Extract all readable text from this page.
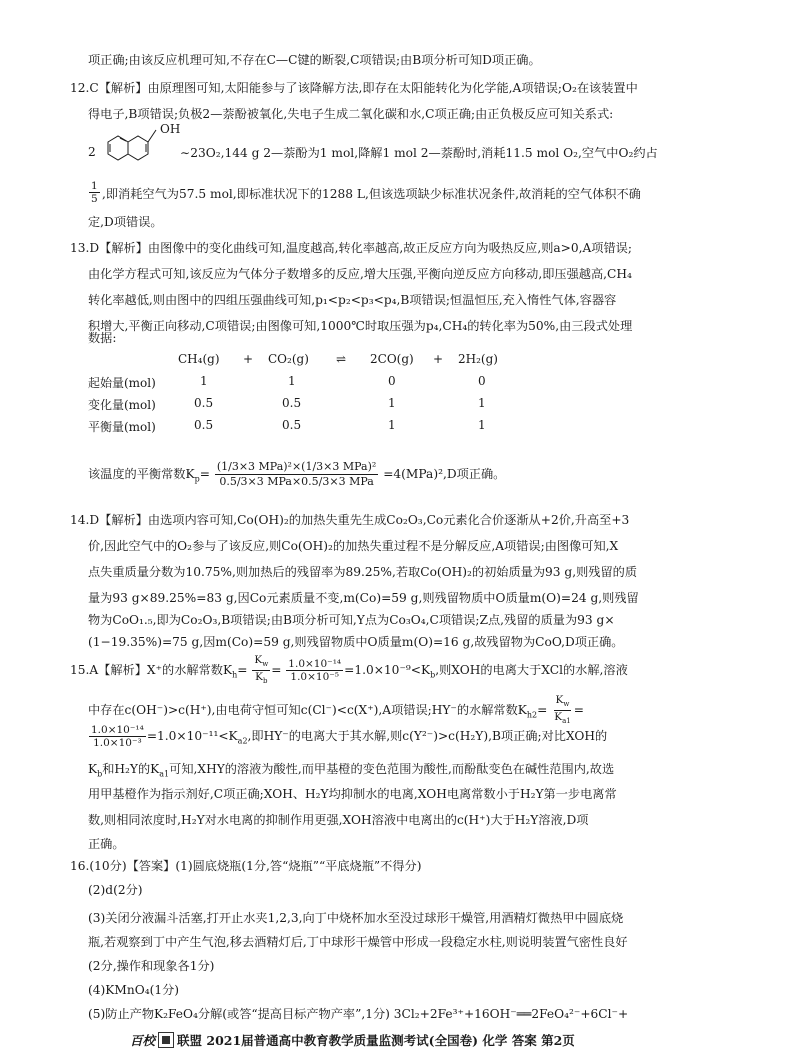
项正确;由该反应机理可知,不存在C—C键的断裂,C项错误;由B项分析可知D项正确。
12.C【解析】由原理图可知,太阳能参与了该降解方法,即存在太阳能转化为化学能,A项错误;O₂在该装置中
得电子,B项错误;负极2—萘酚被氧化,失电子生成二氧化碳和水,C项正确;由正负极反应可知关系式:
2
OH
∼23O₂,144 g 2—萘酚为1 mol,降解1 mol 2—萘酚时,消耗11.5 mol O₂,空气中O₂约占
$\frac{1}{5}$ ,即消耗空气为57.5 mol,即标准状况下的1288 L,但该选项缺少标准状况条件,故消耗的空气体积不确
定,D项错误。
13.D【解析】由图像中的变化曲线可知,温度越高,转化率越高,故正反应方向为吸热反应,则a>0,A项错误;
由化学方程式可知,该反应为气体分子数增多的反应,增大压强,平衡向逆反应方向移动,即压强越高,CH₄
转化率越低,则由图中的四组压强曲线可知,p₁<p₂<p₃<p₄,B项错误;恒温恒压,充入惰性气体,容器容
积增大,平衡正向移动,C项错误;由图像可知,1000℃时取压强为p₄,CH₄的转化率为50%,由三段式处理
数据:
CH₄(g) + CO₂(g) ⇌ 2CO(g) + 2H₂(g)
起始量(mol)	1	1	0	0
变化量(mol)	0.5	0.5	1	1
平衡量(mol)	0.5	0.5	1	1
该温度的平衡常数$K_p= \frac{\text{(1/3×3 MPa)²×(1/3×3 MPa)²}}{\text{0.5/3×3 MPa×0.5/3×3 MPa}} =4(MPa)^2,D$项正确。
14.D【解析】由选项内容可知,Co(OH)₂的加热失重先生成Co₂O₃,Co元素化合价逐渐从+2价,升高至+3
价,因此空气中的O₂参与了该反应,则Co(OH)₂的加热失重过程不是分解反应,A项错误;由图像可知,X
点失重质量分数为10.75%,则加热后的残留率为89.25%,若取Co(OH)₂的初始质量为93 g,则残留的质
量为93 g×89.25%=83 g,因Co元素质量不变,m(Co)=59 g,则残留物质中O质量m(O)=24 g,则残留
物为CoO₁.₅,即为Co₂O₃,B项错误;由B项分析可知,Y点为Co₃O₄,C项错误;Z点,残留的质量为93 g×
(1−19.35%)=75 g,因m(Co)=59 g,则残留物质中O质量m(O)=16 g,故残留物为CoO,D项正确。
15.A【解析】X⁺的水解常数$K_h= \frac{K_w}{K_b} = \frac{\text{1.0×10⁻¹⁴}}{\text{1.0×10⁻⁵}} =1.0\times 10^{-9}<K_b$,则XOH的电离大于XCl的水解,溶液
中存在c(OH⁻)>c(H⁺),由电荷守恒可知c(Cl⁻)<c(X⁺),A项错误;HY⁻的水解常数$K_{h2}= \frac{K_w}{K_{a1}}$ =
$\frac{\text{1.0×10⁻¹⁴}}{\text{1.0×10⁻³}} =1.0\times 10^{-11}<K_{a2}$,即HY⁻的电离大于其水解,则c(Y²⁻)>c(H₂Y),B项正确;对比XOH的
$K_b$和H₂Y的$K_{a1}$可知,XHY的溶液为酸性,而甲基橙的变色范围为酸性,而酚酞变色在碱性范围内,故选
用甲基橙作为指示剂好,C项正确;XOH、H₂Y均抑制水的电离,XOH电离常数小于H₂Y第一步电离常
数,则相同浓度时,H₂Y对水电离的抑制作用更强,XOH溶液中电离出的c(H⁺)大于H₂Y溶液,D项
正确。
16.(10分)【答案】(1)圆底烧瓶(1分,答“烧瓶”“平底烧瓶”不得分)
(2)d(2分)
(3)关闭分液漏斗活塞,打开止水夹1,2,3,向丁中烧杯加水至没过球形干燥管,用酒精灯微热甲中圆底烧
瓶,若观察到丁中产生气泡,移去酒精灯后,丁中球形干燥管中形成一段稳定水柱,则说明装置气密性良好
(2分,操作和现象各1分)
(4)KMnO₄(1分)
(5)防止产物K₂FeO₄分解(或答“提高目标产物产率”,1分) 3Cl₂+2Fe³⁺+16OH⁻══2FeO₄²⁻+6Cl⁻+
百校 联盟 2021届普通高中教育教学质量监测考试(全国卷) 化学 答案 第2页
